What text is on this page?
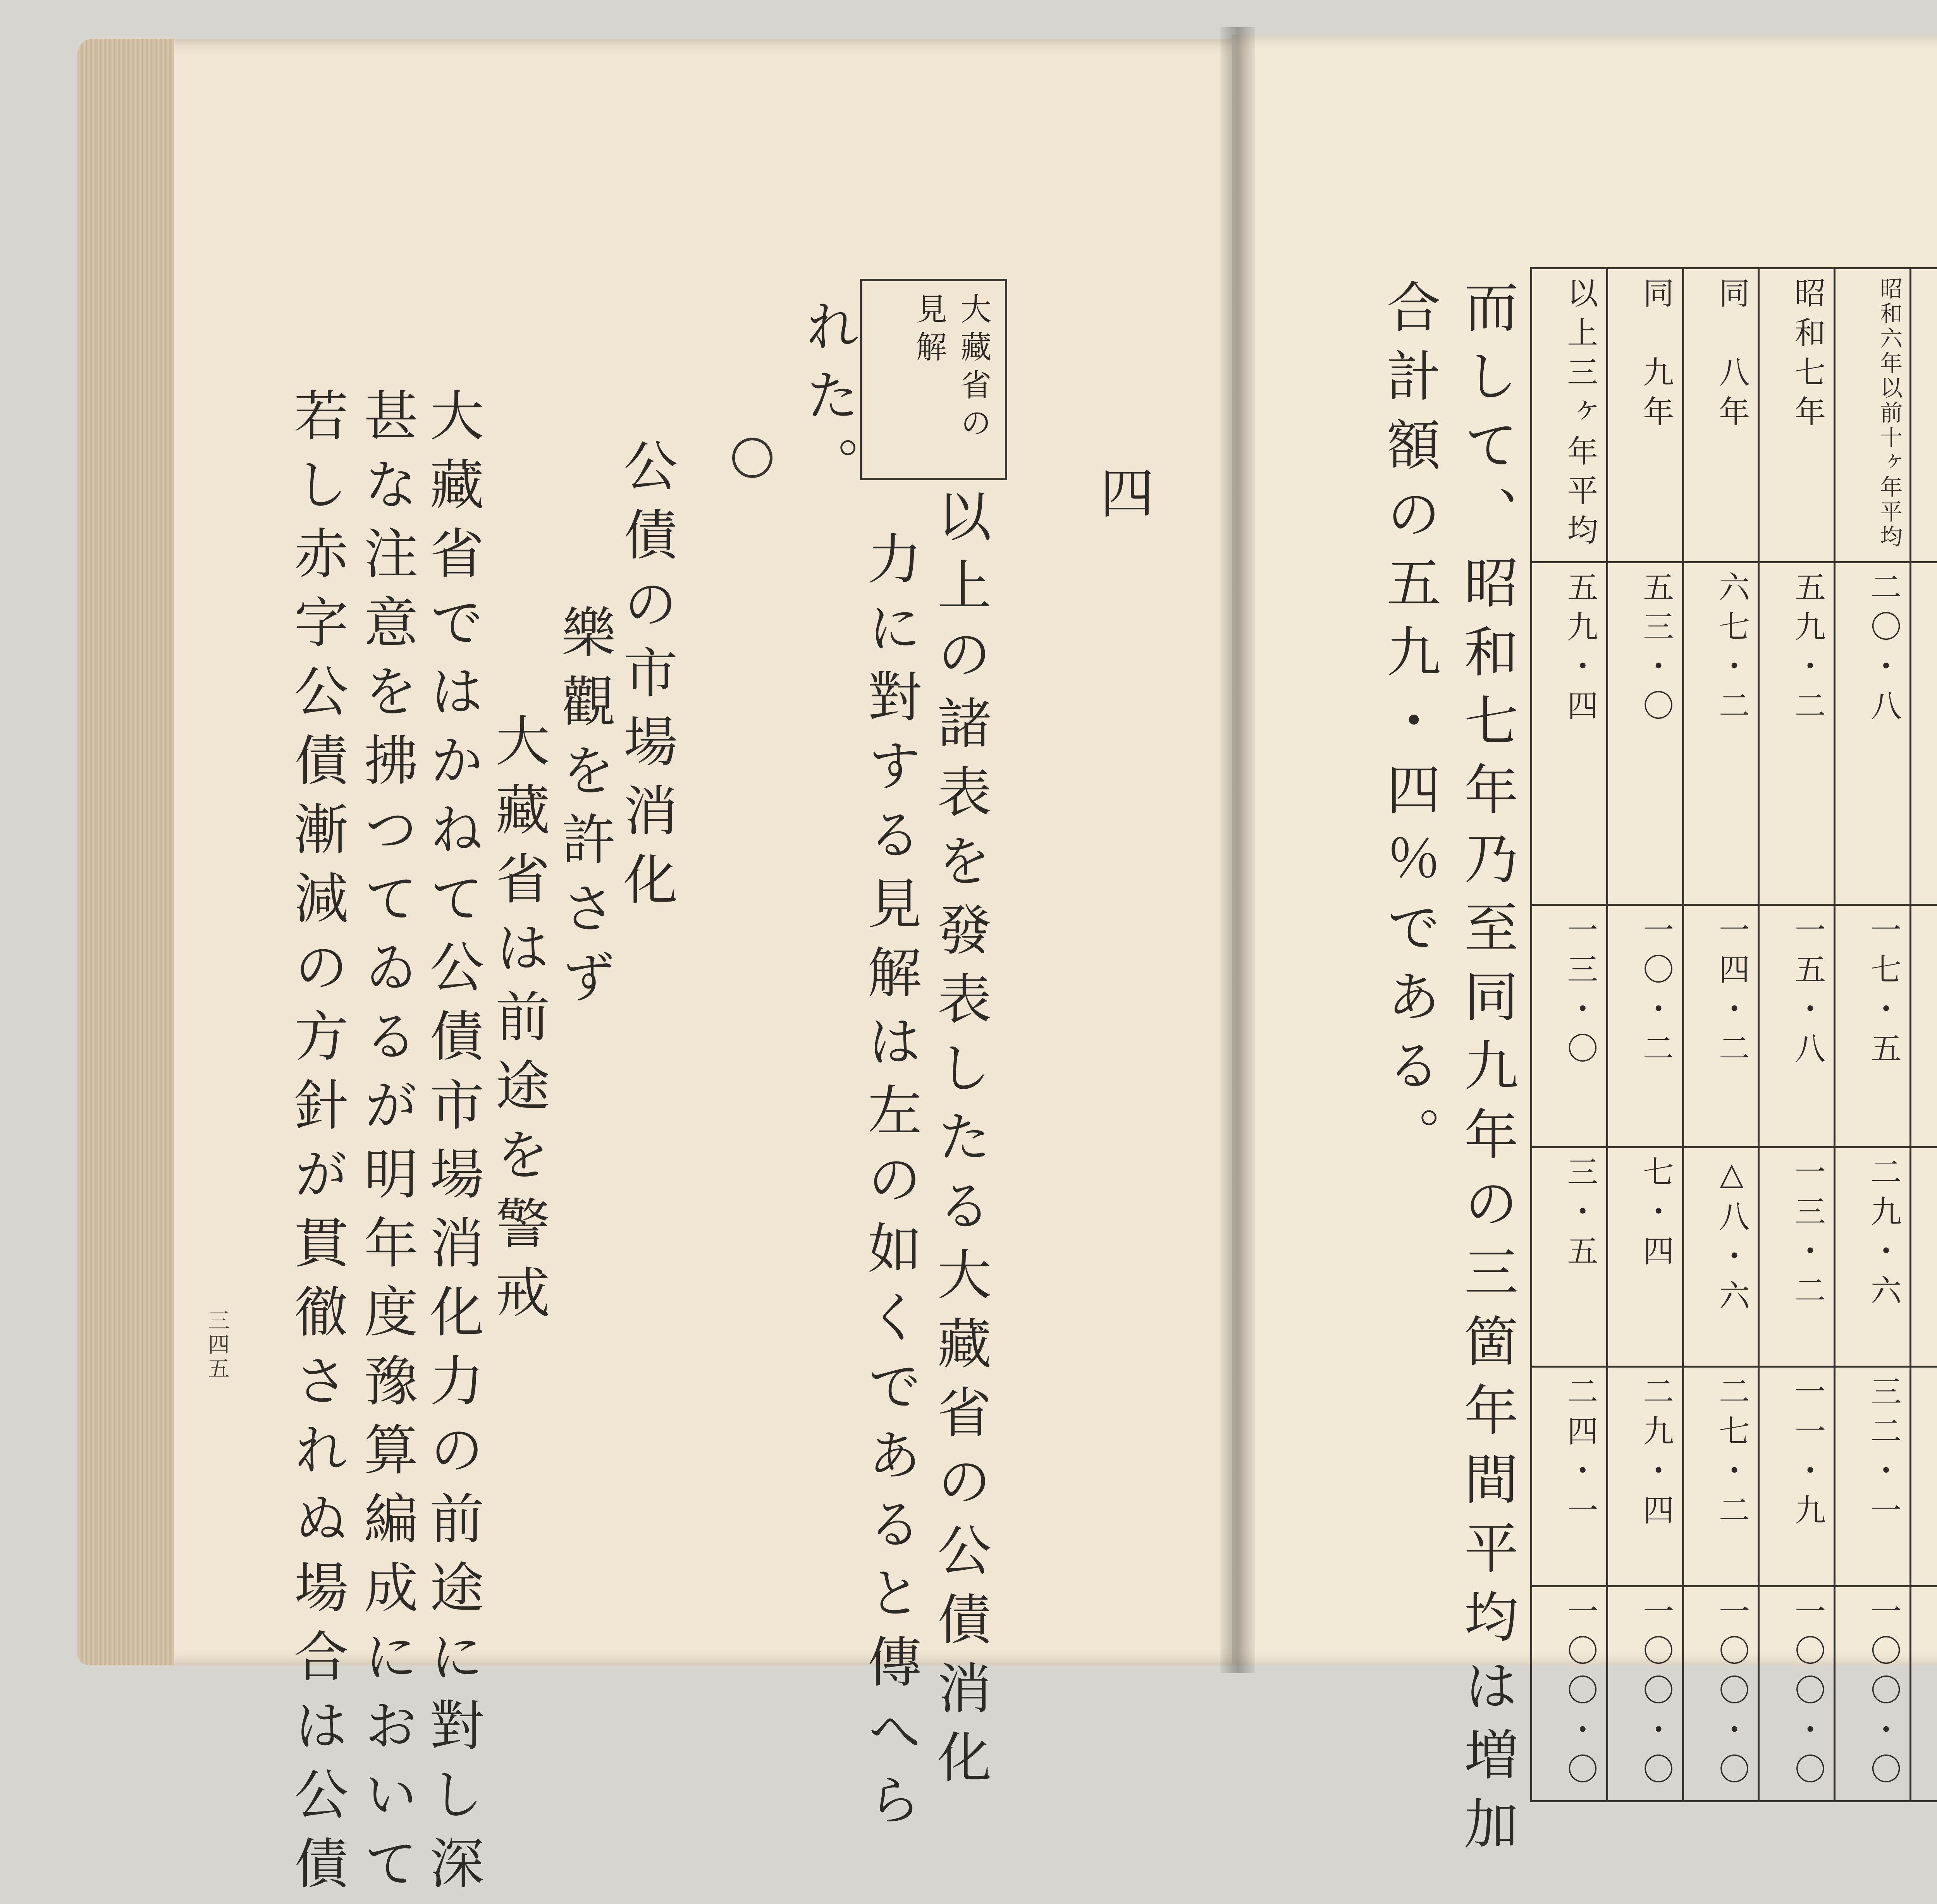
四
大藏省の見解
以上の諸表を發表したる大藏省の公債消化
力に對する見解は左の如くであると傳へら
れた。
公債の市場消化
樂觀を許さず
大藏省は前途を警戒
大藏省ではかねて公債市場消化力の前途に對し深
甚な注意を拂つてゐるが明年度豫算編成において
若し赤字公債漸減の方針が貫徹されぬ場合は公債
三四五
以上三ヶ年平均	同　九年	同　八年	昭和七年	昭和六年以前十ヶ年平均	
五九・四	五三・〇	六七・二	五九・二	二〇・八	
一三・〇	一〇・二	一四・二	一五・八	一七・五	
三・五	七・四	△八・六	一三・二	二九・六	
二四・一	二九・四	二七・二	一一・九	三二・一	
一〇〇・〇	一〇〇・〇	一〇〇・〇	一〇〇・〇	一〇〇・〇	
而して、昭和七年乃至同九年の三箇年間平均は増加
合計額の五九・四％である。
